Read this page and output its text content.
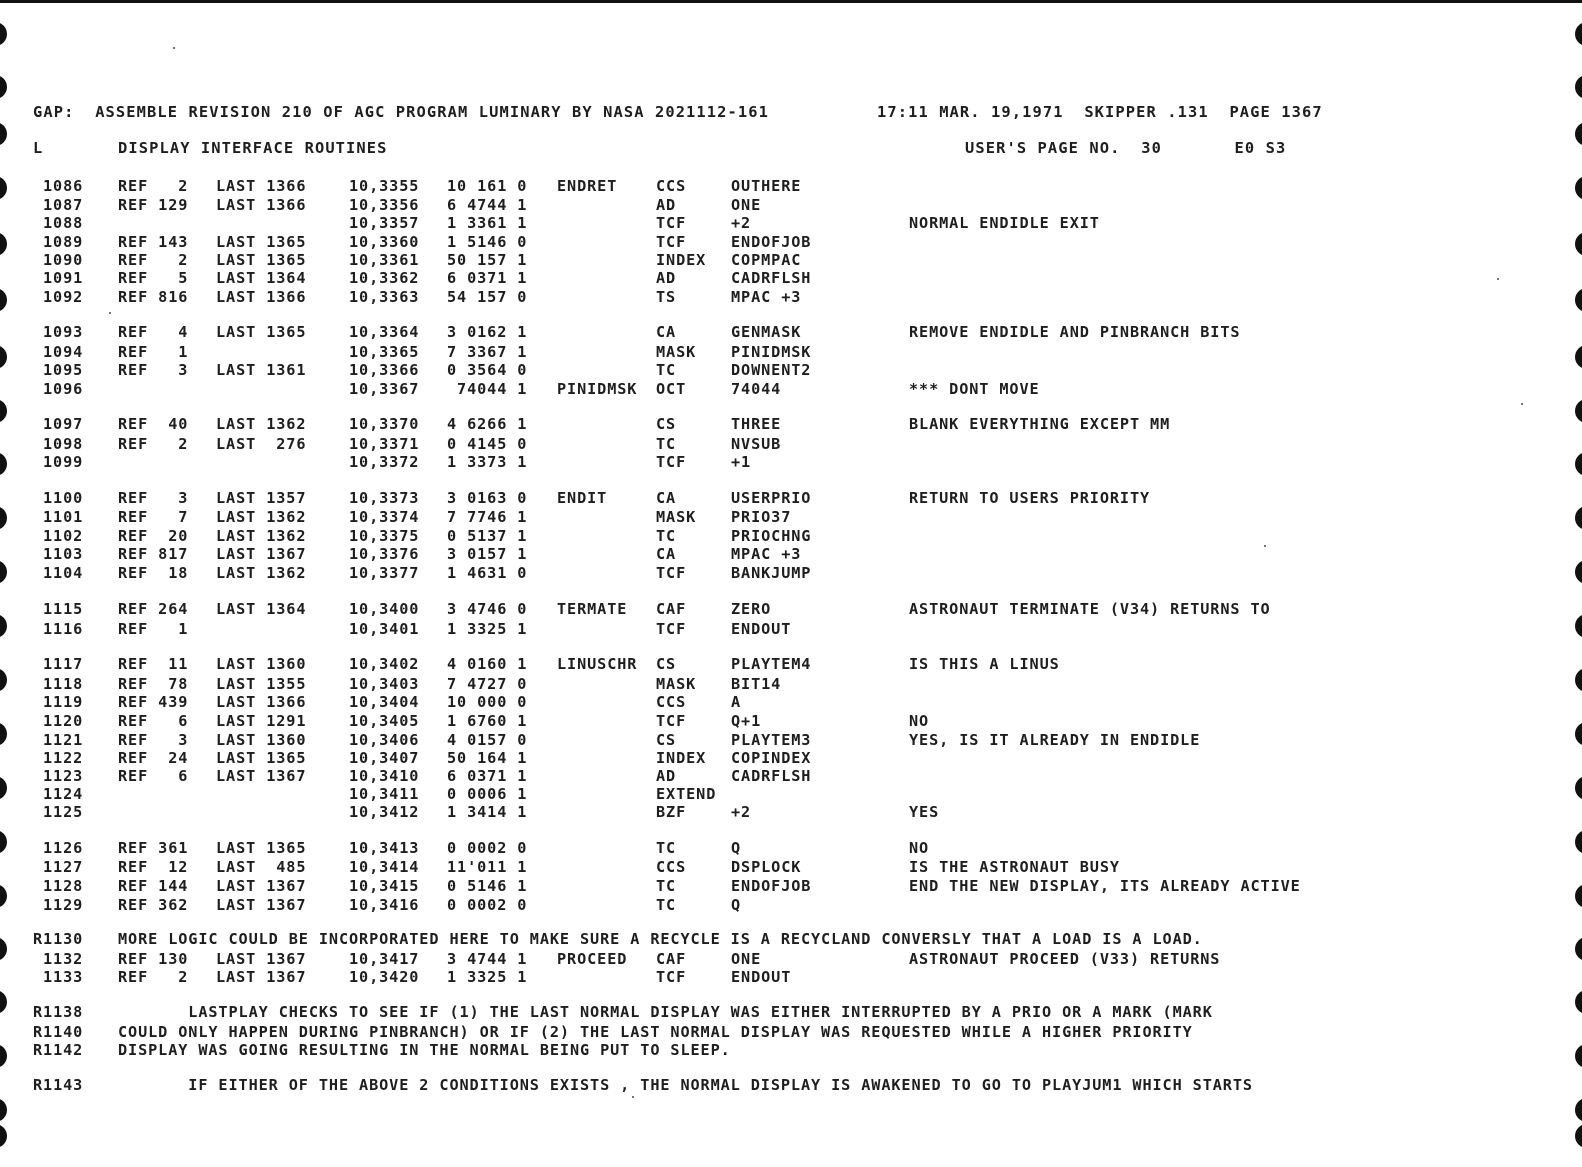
GAP:  ASSEMBLE REVISION 210 OF AGC PROGRAM LUMINARY BY NASA 2021112-161	17:11 MAR. 19,1971  SKIPPER .131  PAGE 1367
L	DISPLAY INTERFACE ROUTINES	USER'S PAGE NO.  30       E0 S3
1086 REF   2 LAST 1366	10,3355 10 161 0 ENDRET	CCS	OUTHERE
1087 REF 129 LAST 1366	10,3356 6 4744 1	AD	ONE
1088	10,3357 1 3361 1	TCF	+2	NORMAL ENDIDLE EXIT
1089 REF 143 LAST 1365	10,3360 1 5146 0	TCF	ENDOFJOB
1090 REF   2 LAST 1365	10,3361 50 157 1	INDEX COPMPAC
1091 REF   5 LAST 1364	10,3362 6 0371 1	AD	CADRFLSH
1092 REF 816 LAST 1366	10,3363 54 157 0	TS	MPAC +3
1093 REF   4 LAST 1365	10,3364 3 0162 1	CA	GENMASK	REMOVE ENDIDLE AND PINBRANCH BITS
1094 REF   1	10,3365 7 3367 1	MASK PINIDMSK
1095 REF   3 LAST 1361	10,3366 0 3564 0	TC	DOWNENT2
1096	10,3367 74044 1 PINIDMSK OCT	74044	*** DONT MOVE
1097 REF  40 LAST 1362	10,3370 4 6266 1	CS	THREE	BLANK EVERYTHING EXCEPT MM
1098 REF   2 LAST  276	10,3371 0 4145 0	TC	NVSUB
1099	10,3372 1 3373 1	TCF	+1
1100 REF   3 LAST 1357	10,3373 3 0163 0 ENDIT	CA	USERPRIO	RETURN TO USERS PRIORITY
1101 REF   7 LAST 1362	10,3374 7 7746 1	MASK PRIO37
1102 REF  20 LAST 1362	10,3375 0 5137 1	TC	PRIOCHNG
1103 REF 817 LAST 1367	10,3376 3 0157 1	CA	MPAC +3
1104 REF  18 LAST 1362	10,3377 1 4631 0	TCF	BANKJUMP
1115 REF 264 LAST 1364	10,3400 3 4746 0 TERMATE CAF	ZERO	ASTRONAUT TERMINATE (V34) RETURNS TO
1116 REF   1	10,3401 1 3325 1	TCF	ENDOUT
1117 REF  11 LAST 1360	10,3402 4 0160 1 LINUSCHR CS	PLAYTEM4	IS THIS A LINUS
1118 REF  78 LAST 1355	10,3403 7 4727 0	MASK BIT14
1119 REF 439 LAST 1366	10,3404 10 000 0	CCS	A
1120 REF   6 LAST 1291	10,3405 1 6760 1	TCF	Q+1	NO
1121 REF   3 LAST 1360	10,3406 4 0157 0	CS	PLAYTEM3	YES, IS IT ALREADY IN ENDIDLE
1122 REF  24 LAST 1365	10,3407 50 164 1	INDEX COPINDEX
1123 REF   6 LAST 1367	10,3410 6 0371 1	AD	CADRFLSH
1124	10,3411 0 0006 1	EXTEND
1125	10,3412 1 3414 1	BZF	+2	YES
1126 REF 361 LAST 1365	10,3413 0 0002 0	TC	Q	NO
1127 REF  12 LAST  485	10,3414 11'011 1	CCS	DSPLOCK	IS THE ASTRONAUT BUSY
1128 REF 144 LAST 1367	10,3415 0 5146 1	TC	ENDOFJOB	END THE NEW DISPLAY, ITS ALREADY ACTIVE
1129 REF 362 LAST 1367	10,3416 0 0002 0	TC	Q
R1130 MORE LOGIC COULD BE INCORPORATED HERE TO MAKE SURE A RECYCLE IS A RECYCLAND CONVERSLY THAT A LOAD IS A LOAD.
1132 REF 130 LAST 1367	10,3417 3 4744 1 PROCEED CAF	ONE	ASTRONAUT PROCEED (V33) RETURNS
1133 REF   2 LAST 1367	10,3420 1 3325 1	TCF	ENDOUT
R1138 LASTPLAY CHECKS TO SEE IF (1) THE LAST NORMAL DISPLAY WAS EITHER INTERRUPTED BY A PRIO OR A MARK (MARK
R1140 COULD ONLY HAPPEN DURING PINBRANCH) OR IF (2) THE LAST NORMAL DISPLAY WAS REQUESTED WHILE A HIGHER PRIORITY
R1142 DISPLAY WAS GOING RESULTING IN THE NORMAL BEING PUT TO SLEEP.
R1143 IF EITHER OF THE ABOVE 2 CONDITIONS EXISTS , THE NORMAL DISPLAY IS AWAKENED TO GO TO PLAYJUM1 WHICH STARTS
